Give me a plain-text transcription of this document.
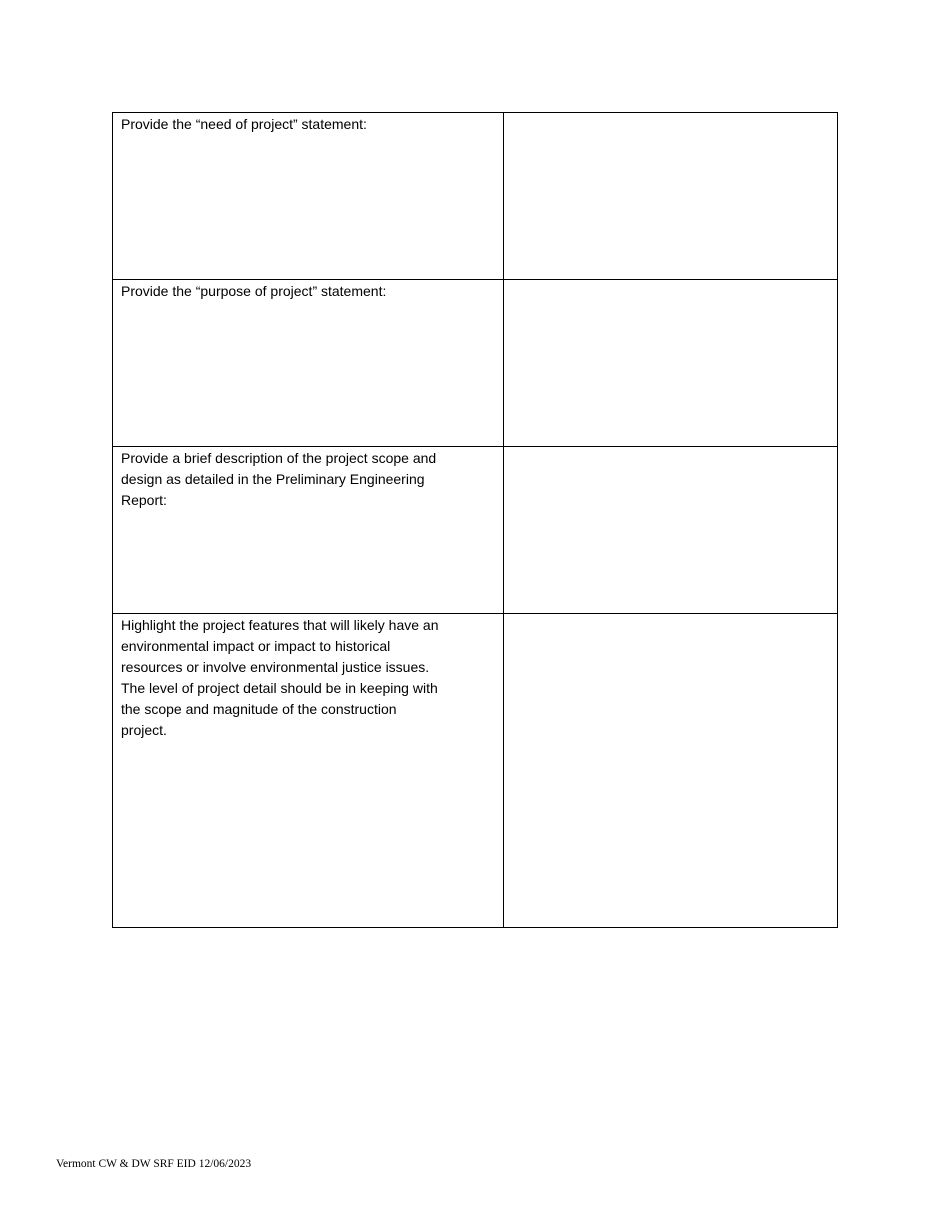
Provide the “need of project” statement:
Provide the “purpose of project” statement:
Provide a brief description of the project scope and
design as detailed in the Preliminary Engineering
Report:
Highlight the project features that will likely have an
environmental impact or impact to historical
resources or involve environmental justice issues.
The level of project detail should be in keeping with
the scope and magnitude of the construction
project.
Vermont CW & DW SRF EID 12/06/2023
